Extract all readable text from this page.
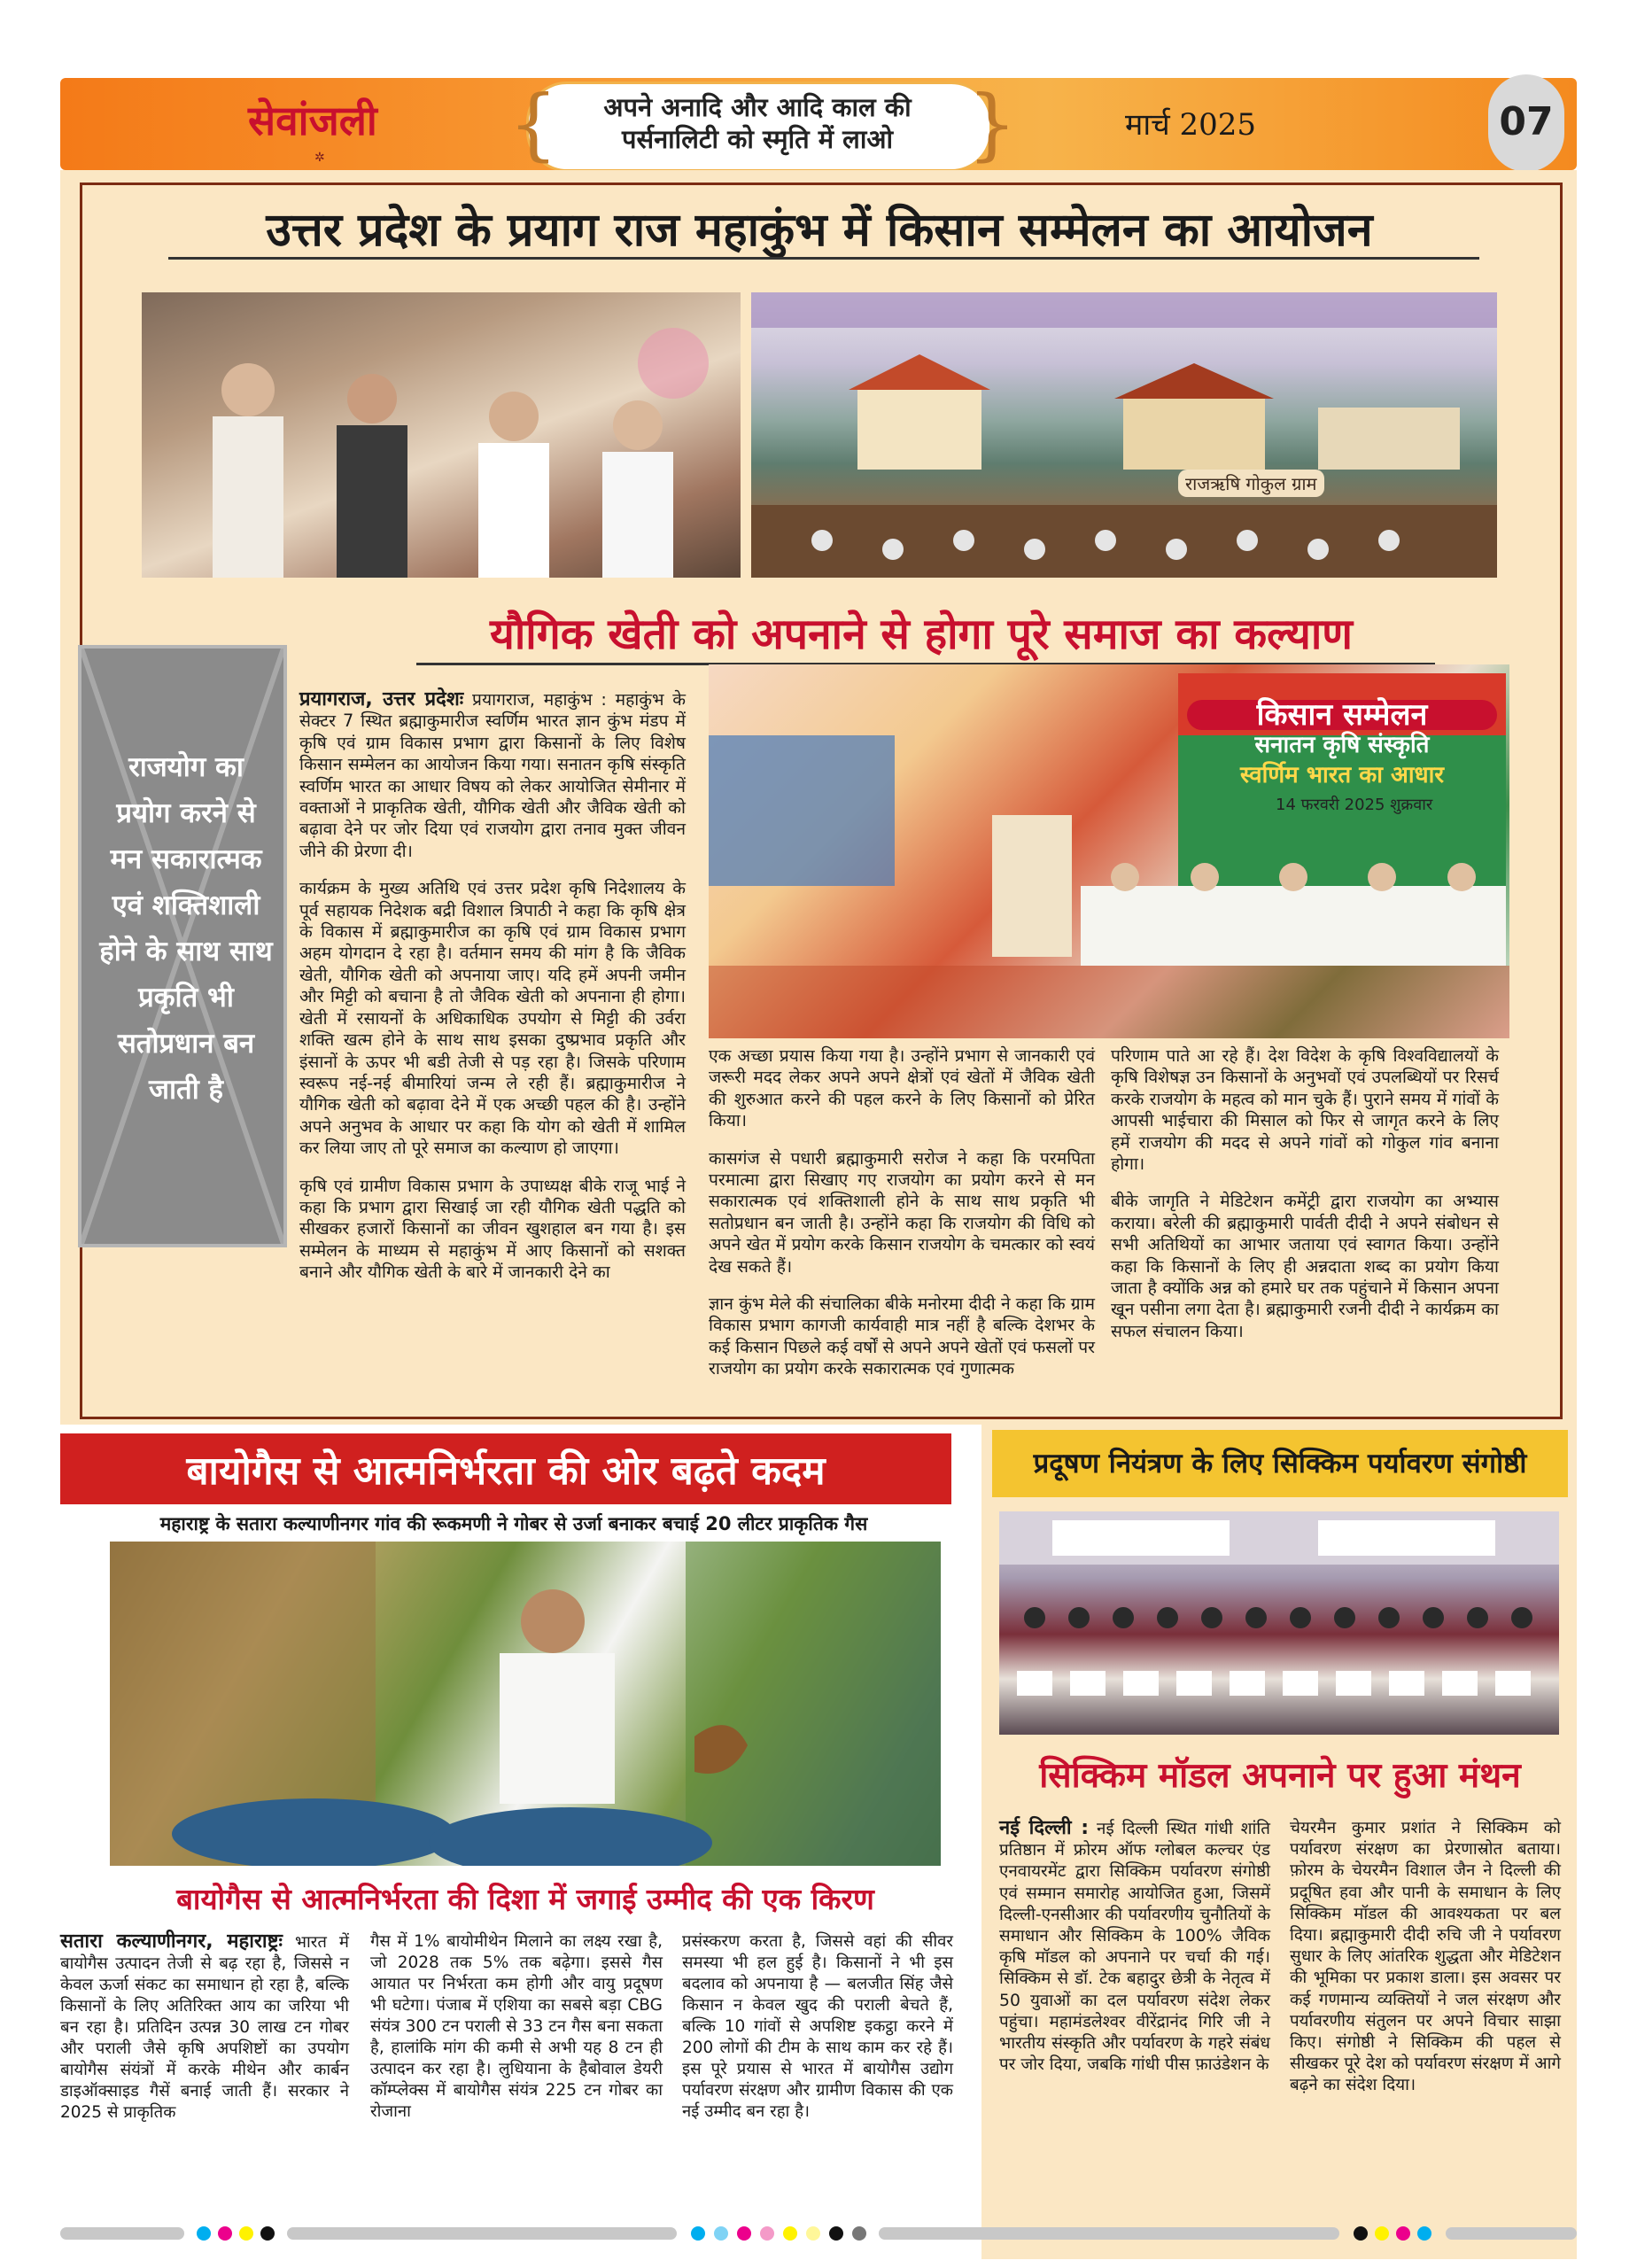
सेवांजली
✲ {	}
अपने अनादि और आदि काल की
पर्सनालिटी को स्मृति में लाओ	मार्च 2025	07
उत्तर प्रदेश के प्रयाग राज महाकुंभ में किसान सम्मेलन का आयोजन
राजऋषि गोकुल ग्राम
यौगिक खेती को अपनाने से होगा पूरे समाज का कल्याण
राजयोग का प्रयोग करने से मन सकारात्मक एवं शक्तिशाली होने के साथ साथ प्रकृति भी सतोप्रधान बन जाती है

प्रयागराज, उत्तर प्रदेशः प्रयागराज, महाकुंभ : महाकुंभ के सेक्टर 7 स्थित ब्रह्माकुमारीज स्वर्णिम भारत ज्ञान कुंभ मंडप में कृषि एवं ग्राम विकास प्रभाग द्वारा किसानों के लिए विशेष किसान सम्मेलन का आयोजन किया गया। सनातन कृषि संस्कृति स्वर्णिम भारत का आधार विषय को लेकर आयोजित सेमीनार में वक्ताओं ने प्राकृतिक खेती, यौगिक खेती और जैविक खेती को बढ़ावा देने पर जोर दिया एवं राजयोग द्वारा तनाव मुक्त जीवन जीने की प्रेरणा दी।

कार्यक्रम के मुख्य अतिथि एवं उत्तर प्रदेश कृषि निदेशालय के पूर्व सहायक निदेशक बद्री विशाल त्रिपाठी ने कहा कि कृषि क्षेत्र के विकास में ब्रह्माकुमारीज का कृषि एवं ग्राम विकास प्रभाग अहम योगदान दे रहा है। वर्तमान समय की मांग है कि जैविक खेती, यौगिक खेती को अपनाया जाए। यदि हमें अपनी जमीन और मिट्टी को बचाना है तो जैविक खेती को अपनाना ही होगा। खेती में रसायनों के अधिकाधिक उपयोग से मिट्टी की उर्वरा शक्ति खत्म होने के साथ साथ इसका दुष्प्रभाव प्रकृति और इंसानों के ऊपर भी बडी तेजी से पड़ रहा है। जिसके परिणाम स्वरूप नई-नई बीमारियां जन्म ले रही हैं। ब्रह्माकुमारीज ने यौगिक खेती को बढ़ावा देने में एक अच्छी पहल की है। उन्होंने अपने अनुभव के आधार पर कहा कि योग को खेती में शामिल कर लिया जाए तो पूरे समाज का कल्याण हो जाएगा।

कृषि एवं ग्रामीण विकास प्रभाग के उपाध्यक्ष बीके राजू भाई ने कहा कि प्रभाग द्वारा सिखाई जा रही यौगिक खेती पद्धति को सीखकर हजारों किसानों का जीवन खुशहाल बन गया है। इस सम्मेलन के माध्यम से महाकुंभ में आए किसानों को सशक्त बनाने और यौगिक खेती के बारे में जानकारी देने का

किसान सम्मेलन
सनातन कृषि संस्कृति
स्वर्णिम भारत का आधार
14 फरवरी 2025 शुक्रवार

एक अच्छा प्रयास किया गया है। उन्होंने प्रभाग से जानकारी एवं जरूरी मदद लेकर अपने अपने क्षेत्रों एवं खेतों में जैविक खेती की शुरुआत करने की पहल करने के लिए किसानों को प्रेरित किया।

कासगंज से पधारी ब्रह्माकुमारी सरोज ने कहा कि परमपिता परमात्मा द्वारा सिखाए गए राजयोग का प्रयोग करने से मन सकारात्मक एवं शक्तिशाली होने के साथ साथ प्रकृति भी सतोप्रधान बन जाती है। उन्होंने कहा कि राजयोग की विधि को अपने खेत में प्रयोग करके किसान राजयोग के चमत्कार को स्वयं देख सकते हैं।

ज्ञान कुंभ मेले की संचालिका बीके मनोरमा दीदी ने कहा कि ग्राम विकास प्रभाग कागजी कार्यवाही मात्र नहीं है बल्कि देशभर के कई किसान पिछले कई वर्षों से अपने अपने खेतों एवं फसलों पर राजयोग का प्रयोग करके सकारात्मक एवं गुणात्मक

परिणाम पाते आ रहे हैं। देश विदेश के कृषि विश्वविद्यालयों के कृषि विशेषज्ञ उन किसानों के अनुभवों एवं उपलब्धियों पर रिसर्च करके राजयोग के महत्व को मान चुके हैं। पुराने समय में गांवों के आपसी भाईचारा की मिसाल को फिर से जागृत करने के लिए हमें राजयोग की मदद से अपने गांवों को गोकुल गांव बनाना होगा।

बीके जागृति ने मेडिटेशन कमेंट्री द्वारा राजयोग का अभ्यास कराया। बरेली की ब्रह्माकुमारी पार्वती दीदी ने अपने संबोधन से सभी अतिथियों का आभार जताया एवं स्वागत किया। उन्होंने कहा कि किसानों के लिए ही अन्नदाता शब्द का प्रयोग किया जाता है क्योंकि अन्न को हमारे घर तक पहुंचाने में किसान अपना खून पसीना लगा देता है। ब्रह्माकुमारी रजनी दीदी ने कार्यक्रम का सफल संचालन किया।

बायोगैस से आत्मनिर्भरता की ओर बढ़ते कदम
महाराष्ट्र के सतारा कल्याणीनगर गांव की रूकमणी ने गोबर से उर्जा बनाकर बचाई 20 लीटर प्राकृतिक गैस
बायोगैस से आत्मनिर्भरता की दिशा में जगाई उम्मीद की एक किरण
सतारा कल्याणीनगर, महाराष्ट्रः भारत में बायोगैस उत्पादन तेजी से बढ़ रहा है, जिससे न केवल ऊर्जा संकट का समाधान हो रहा है, बल्कि किसानों के लिए अतिरिक्त आय का जरिया भी बन रहा है। प्रतिदिन उत्पन्न 30 लाख टन गोबर और पराली जैसे कृषि अपशिष्टों का उपयोग बायोगैस संयंत्रों में करके मीथेन और कार्बन डाइऑक्साइड गैसें बनाई जाती हैं। सरकार ने 2025 से प्राकृतिक
गैस में 1% बायोमीथेन मिलाने का लक्ष्य रखा है, जो 2028 तक 5% तक बढ़ेगा। इससे गैस आयात पर निर्भरता कम होगी और वायु प्रदूषण भी घटेगा। पंजाब में एशिया का सबसे बड़ा CBG संयंत्र 300 टन पराली से 33 टन गैस बना सकता है, हालांकि मांग की कमी से अभी यह 8 टन ही उत्पादन कर रहा है। लुधियाना के हैबोवाल डेयरी कॉम्प्लेक्स में बायोगैस संयंत्र 225 टन गोबर का रोजाना
प्रसंस्करण करता है, जिससे वहां की सीवर समस्या भी हल हुई है। किसानों ने भी इस बदलाव को अपनाया है — बलजीत सिंह जैसे किसान न केवल खुद की पराली बेचते हैं, बल्कि 10 गांवों से अपशिष्ट इकट्ठा करने में 200 लोगों की टीम के साथ काम कर रहे हैं। इस पूरे प्रयास से भारत में बायोगैस उद्योग पर्यावरण संरक्षण और ग्रामीण विकास की एक नई उम्मीद बन रहा है।
प्रदूषण नियंत्रण के लिए सिक्किम पर्यावरण संगोष्ठी
सिक्किम मॉडल अपनाने पर हुआ मंथन
नई दिल्ली : नई दिल्ली स्थित गांधी शांति प्रतिष्ठान में फ्रोरम ऑफ ग्लोबल कल्चर एंड एनवायरमेंट द्वारा सिक्किम पर्यावरण संगोष्ठी एवं सम्मान समारोह आयोजित हुआ, जिसमें दिल्ली-एनसीआर की पर्यावरणीय चुनौतियों के समाधान और सिक्किम के 100% जैविक कृषि मॉडल को अपनाने पर चर्चा की गई। सिक्किम से डॉ. टेक बहादुर छेत्री के नेतृत्व में 50 युवाओं का दल पर्यावरण संदेश लेकर पहुंचा। महामंडलेश्वर वीरेंद्रानंद गिरि जी ने भारतीय संस्कृति और पर्यावरण के गहरे संबंध पर जोर दिया, जबकि गांधी पीस फ़ाउंडेशन के
चेयरमैन कुमार प्रशांत ने सिक्किम को पर्यावरण संरक्षण का प्रेरणास्रोत बताया। फ़ोरम के चेयरमैन विशाल जैन ने दिल्ली की प्रदूषित हवा और पानी के समाधान के लिए सिक्किम मॉडल की आवश्यकता पर बल दिया। ब्रह्माकुमारी दीदी रुचि जी ने पर्यावरण सुधार के लिए आंतरिक शुद्धता और मेडिटेशन की भूमिका पर प्रकाश डाला। इस अवसर पर कई गणमान्य व्यक्तियों ने जल संरक्षण और पर्यावरणीय संतुलन पर अपने विचार साझा किए। संगोष्ठी ने सिक्किम की पहल से सीखकर पूरे देश को पर्यावरण संरक्षण में आगे बढ़ने का संदेश दिया।
